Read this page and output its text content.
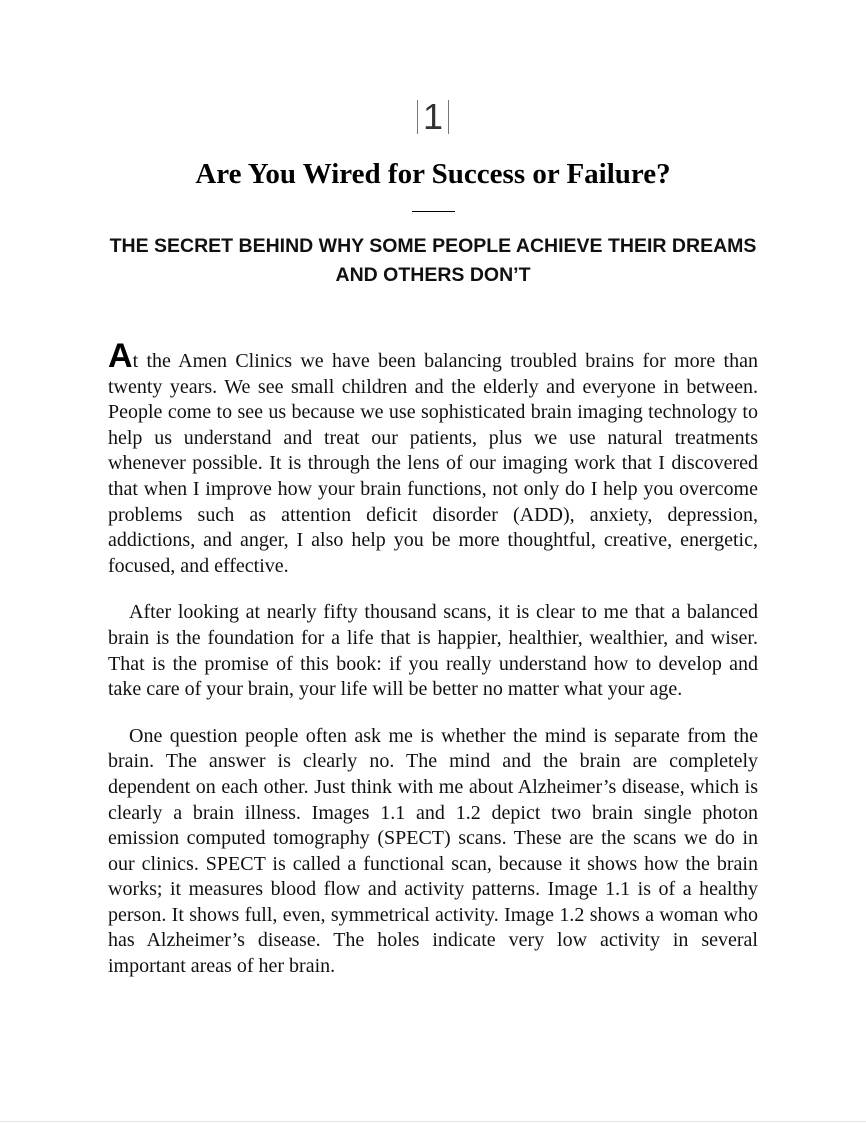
1
Are You Wired for Success or Failure?
THE SECRET BEHIND WHY SOME PEOPLE ACHIEVE THEIR DREAMS AND OTHERS DON’T

At the Amen Clinics we have been balancing troubled brains for more than twenty years. We see small children and the elderly and everyone in between. People come to see us because we use sophisticated brain imaging technology to help us understand and treat our patients, plus we use natural treatments whenever possible. It is through the lens of our imaging work that I discovered that when I improve how your brain functions, not only do I help you overcome problems such as attention deficit disorder (ADD), anxiety, depression, addictions, and anger, I also help you be more thoughtful, creative, energetic, focused, and effective.

After looking at nearly fifty thousand scans, it is clear to me that a balanced brain is the foundation for a life that is happier, healthier, wealthier, and wiser. That is the promise of this book: if you really understand how to develop and take care of your brain, your life will be better no matter what your age.

One question people often ask me is whether the mind is separate from the brain. The answer is clearly no. The mind and the brain are completely dependent on each other. Just think with me about Alzheimer’s disease, which is clearly a brain illness. Images 1.1 and 1.2 depict two brain single photon emission computed tomography (SPECT) scans. These are the scans we do in our clinics. SPECT is called a functional scan, because it shows how the brain works; it measures blood flow and activity patterns. Image 1.1 is of a healthy person. It shows full, even, symmetrical activity. Image 1.2 shows a woman who has Alzheimer’s disease. The holes indicate very low activity in several important areas of her brain.
